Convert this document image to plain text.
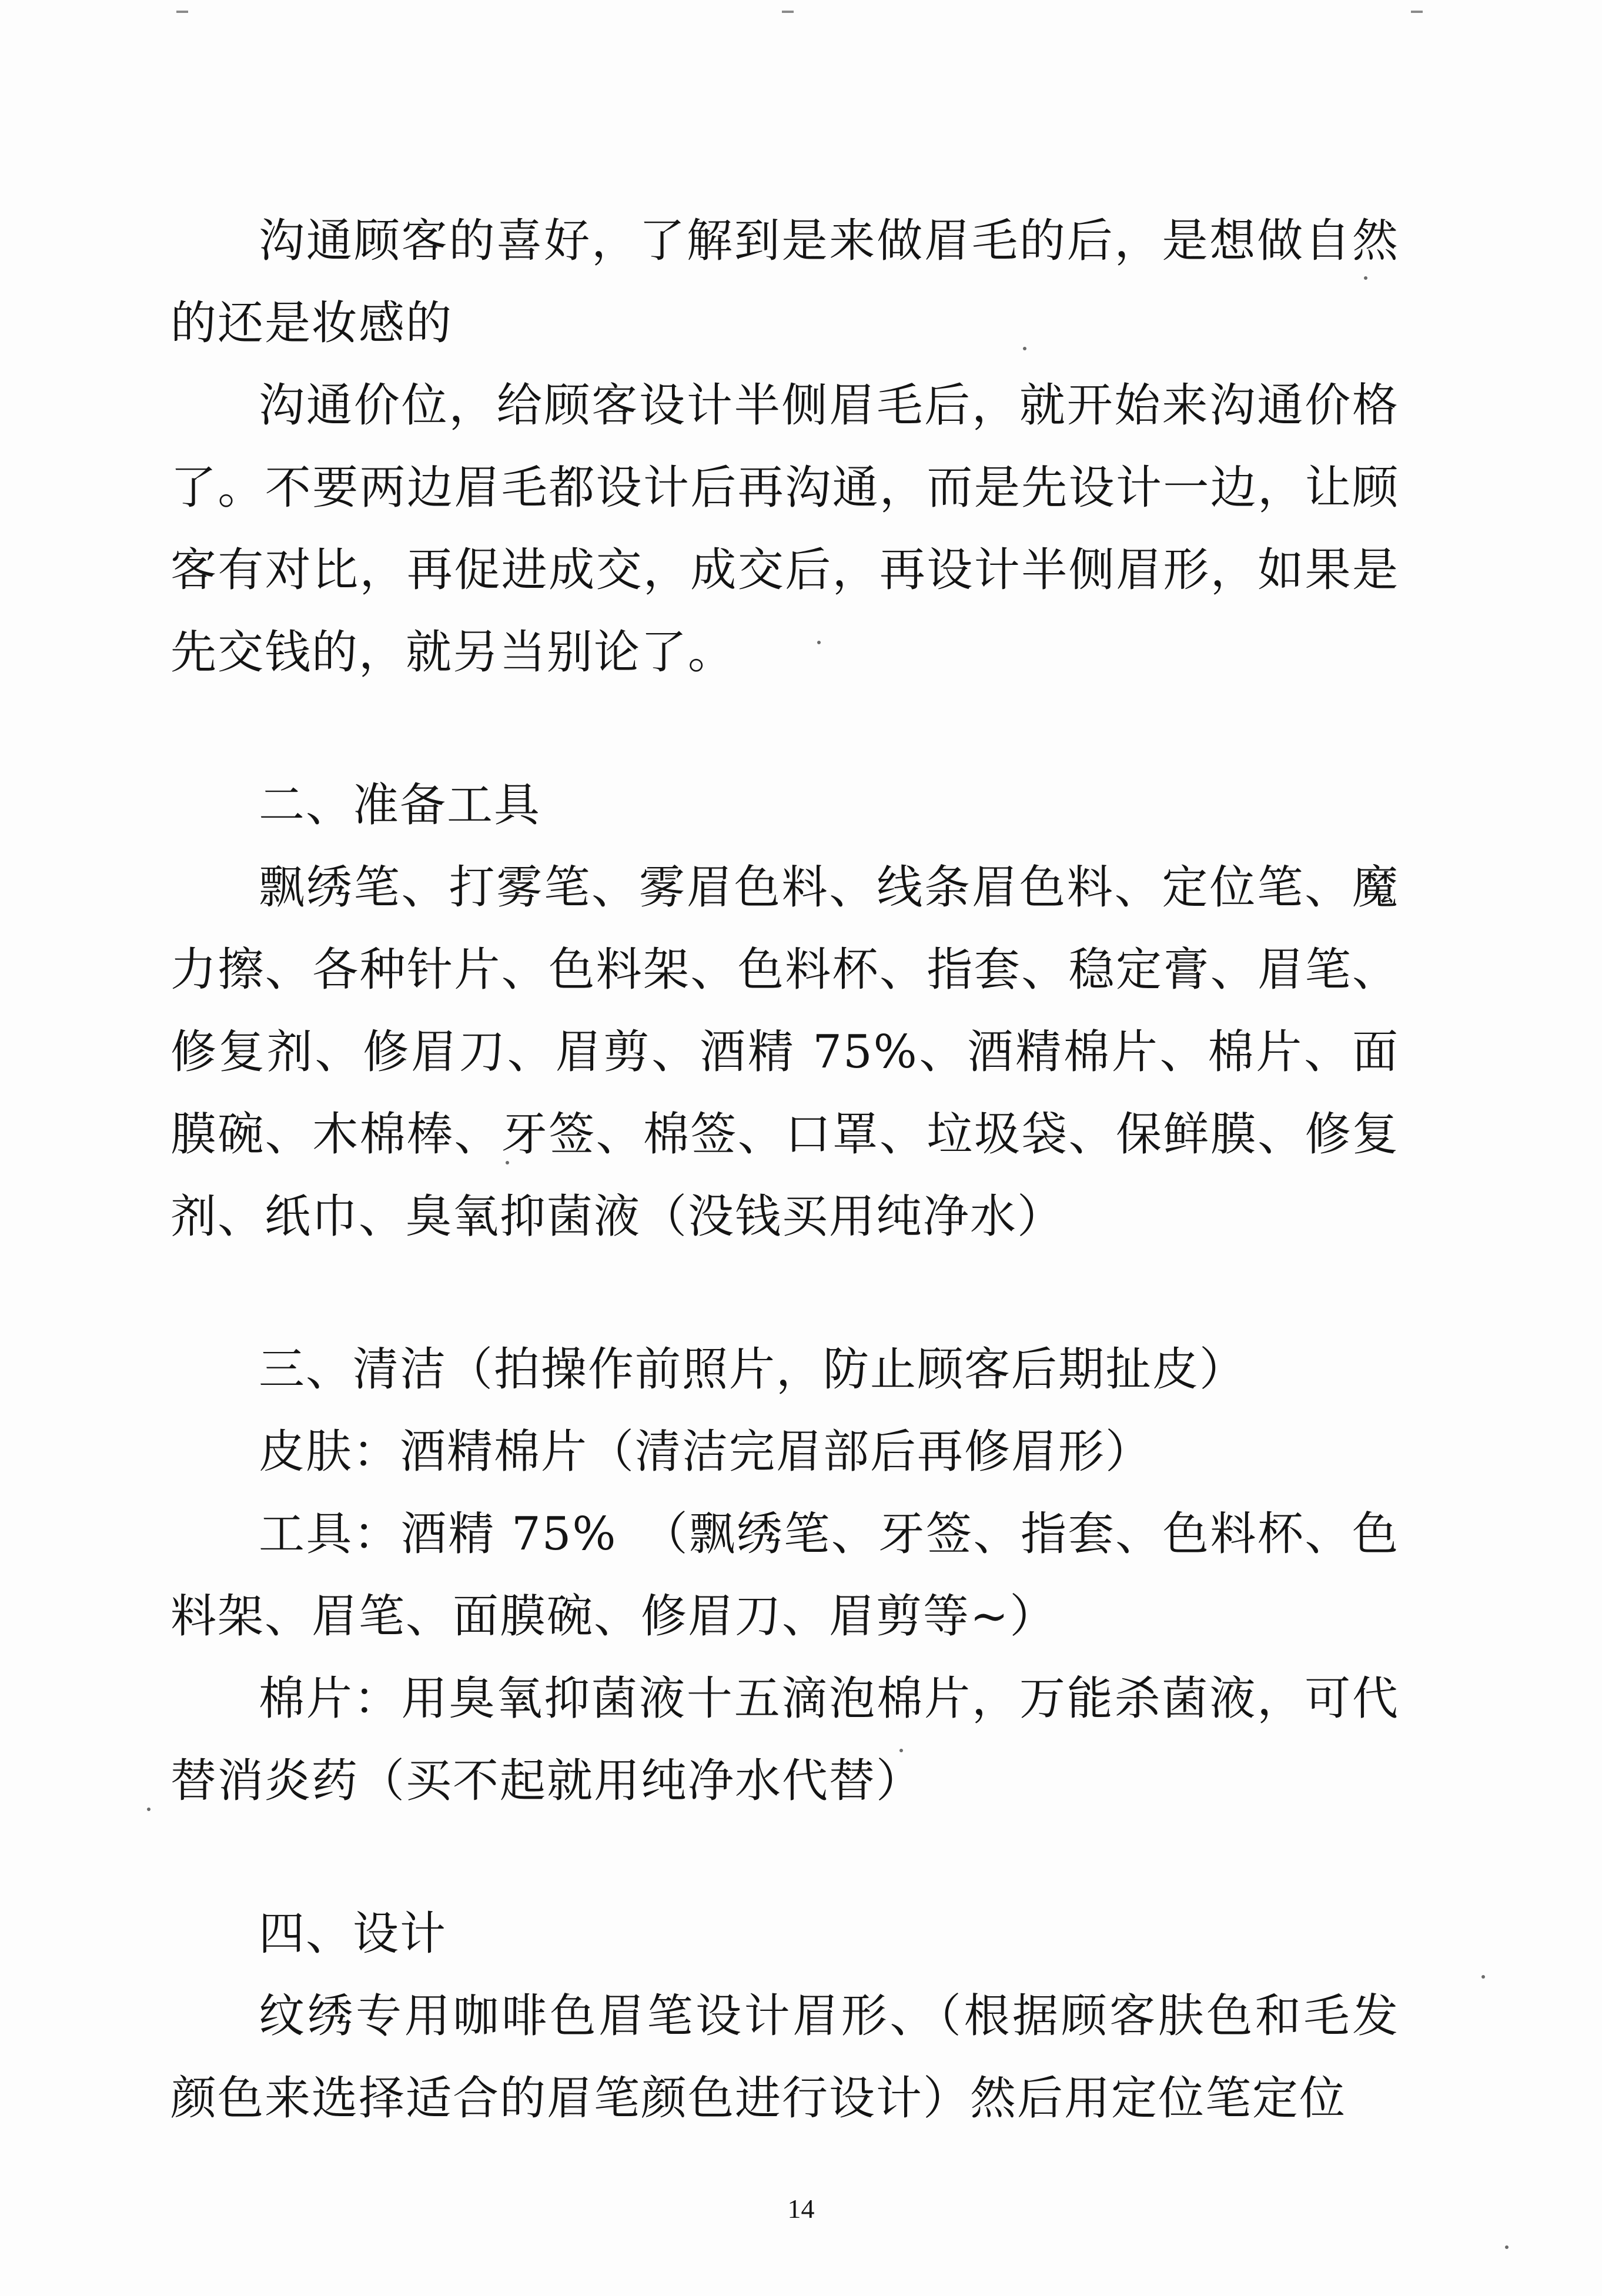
沟通顾客的喜好，了解到是来做眉毛的后，是想做自然的还是妆感的

沟通价位，给顾客设计半侧眉毛后，就开始来沟通价格了。不要两边眉毛都设计后再沟通，而是先设计一边，让顾客有对比，再促进成交，成交后，再设计半侧眉形，如果是先交钱的，就另当别论了。

二、准备工具

飘绣笔、打雾笔、雾眉色料、线条眉色料、定位笔、魔力擦、各种针片、色料架、色料杯、指套、稳定膏、眉笔、修复剂、修眉刀、眉剪、酒精 75%、酒精棉片、棉片、面膜碗、木棉棒、牙签、棉签、口罩、垃圾袋、保鲜膜、修复剂、纸巾、臭氧抑菌液（没钱买用纯净水）

三、清洁（拍操作前照片，防止顾客后期扯皮）

皮肤：酒精棉片（清洁完眉部后再修眉形）

工具：酒精 75%　（飘绣笔、牙签、指套、色料杯、色料架、眉笔、面膜碗、修眉刀、眉剪等~）

棉片：用臭氧抑菌液十五滴泡棉片，万能杀菌液，可代替消炎药（买不起就用纯净水代替）

四、设计

纹绣专用咖啡色眉笔设计眉形、（根据顾客肤色和毛发颜色来选择适合的眉笔颜色进行设计）然后用定位笔定位

14
